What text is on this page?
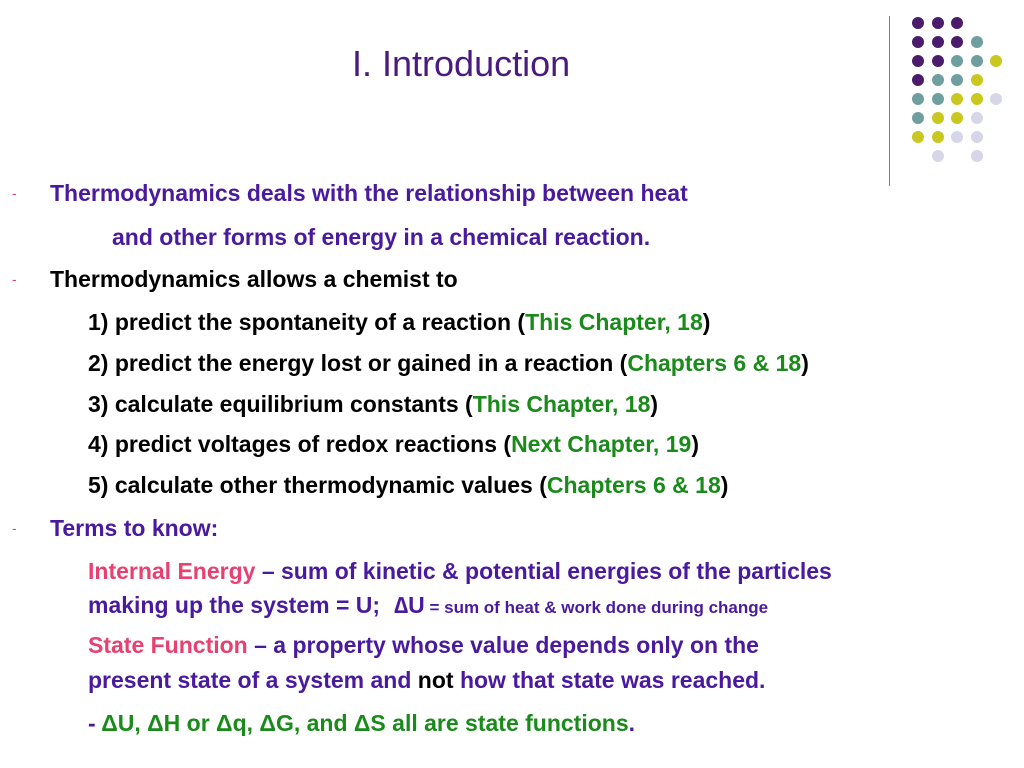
I. Introduction
- Thermodynamics deals with the relationship between heat
and other forms of energy in a chemical reaction.
- Thermodynamics allows a chemist to
1) predict the spontaneity of a reaction (This Chapter, 18)
2) predict the energy lost or gained in a reaction (Chapters 6 & 18)
3) calculate equilibrium constants (This Chapter, 18)
4) predict voltages of redox reactions (Next Chapter, 19)
5) calculate other thermodynamic values (Chapters 6 & 18)
- Terms to know:
Internal Energy – sum of kinetic & potential energies of the particles
making up the system = U; ∆U = sum of heat & work done during change
State Function – a property whose value depends only on the
present state of a system and not how that state was reached.
- ΔU, ΔH or Δq, ΔG, and ΔS all are state functions.
